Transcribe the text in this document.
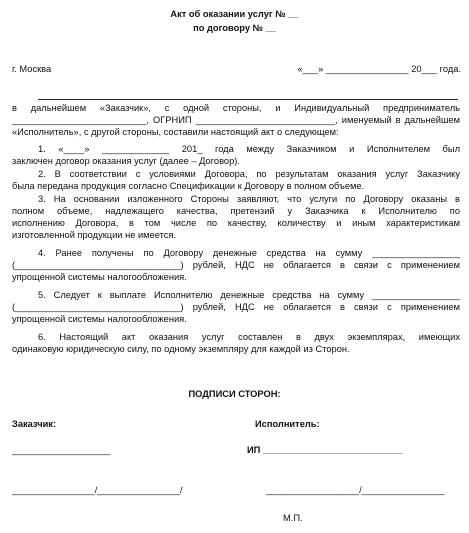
Акт об оказании услуг № __
по договору № __
г. Москва	«___» ________________ 20___ года.
в дальнейшем «Заказчик», с одной стороны, и Индивидуальный предприниматель
__________________________, ОГРНИП ___________________________, именуемый в дальнейшем
«Исполнитель», с другой стороны, составили настоящий акт о следующем:
1. «____» _____________ 201_ года между Заказчиком и Исполнителем был
заключен договор оказания услуг (далее – Договор).
2. В соответствии с условиями Договора, по результатам оказания услуг Заказчику
была передана продукция согласно Спецификации к Договору в полном объеме.
3. На основании изложенного Стороны заявляют, что услуги по Договору оказаны в
полном объеме, надлежащего качества, претензий у Заказчика к Исполнителю по
исполнению Договора, в том числе по качеству, количеству и иным характеристикам
изготовленной продукции не имеется.
4. Ранее получены по Договору денежные средства на сумму _________________
(________________________________) рублей, НДС не облагается в связи с применением
упрощенной системы налогообложения.
5. Следует к выплате Исполнителю денежные средства на сумму _________________
(________________________________) рублей, НДС не облагается в связи с применением
упрощенной системы налогообложения.
6. Настоящий акт оказания услуг составлен в двух экземплярах, имеющих
одинаковую юридическую силу, по одному экземпляру для каждой из Сторон.
ПОДПИСИ СТОРОН:
Заказчик:	Исполнитель:
___________________	ИП ___________________________
________________/________________/	__________________/________________
М.П.
